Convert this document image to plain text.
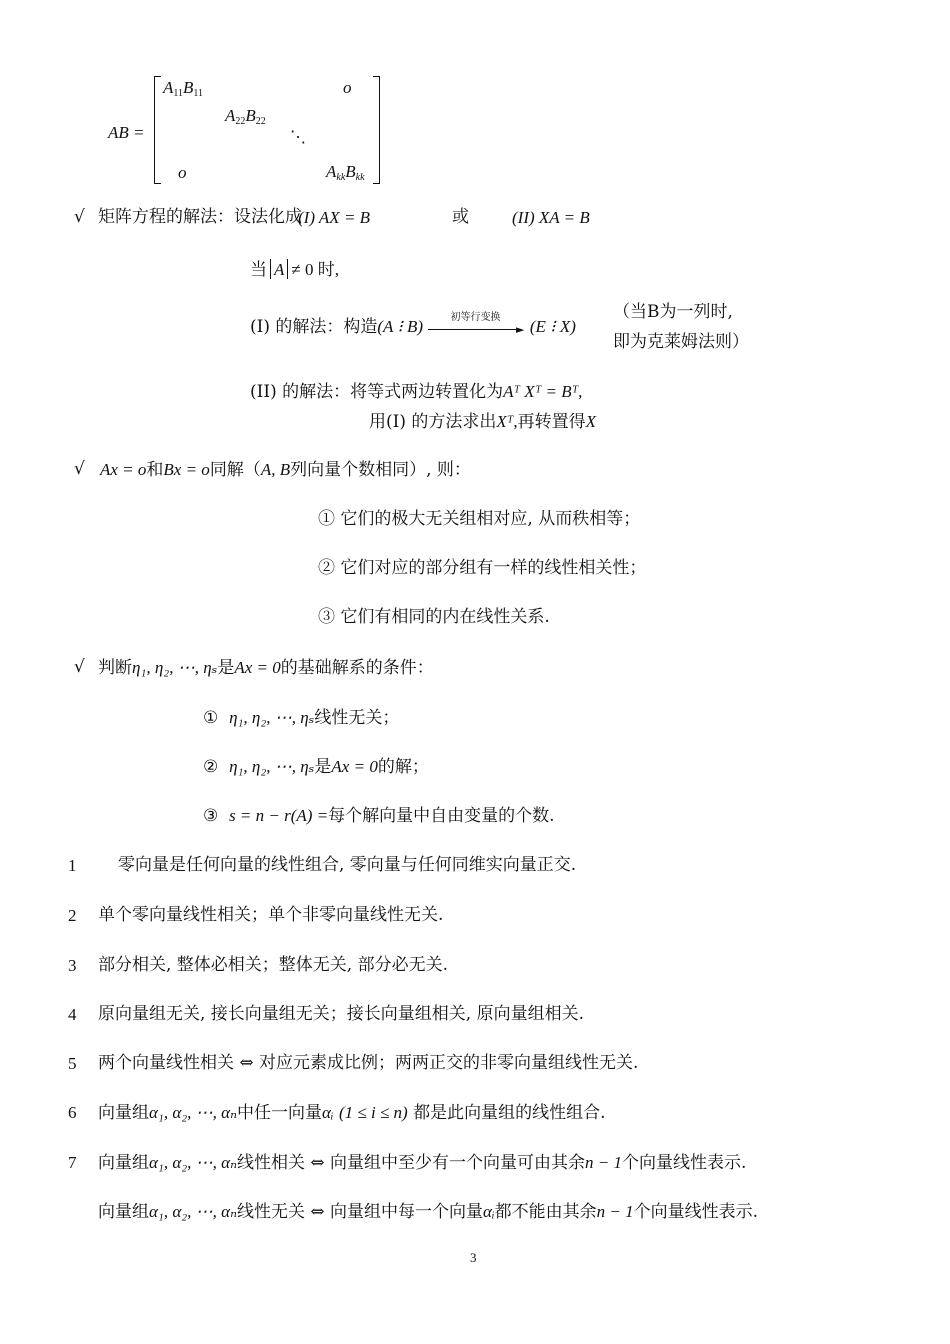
AB =
$A_{11}B_{11}$	o
$A_{22}B_{22}$
⋱
o	$A_{kk}B_{kk}$
√ 矩阵方程的解法：设法化成
(I) AX = B	或	(II) XA = B
当 A ≠ 0 时,
(I) 的解法：构造(A ⁝ B)	初等行变换
► (E ⁝ X)
（当B为一列时,
即为克莱姆法则）
(II) 的解法：将等式两边转置化为Aᵀ Xᵀ = Bᵀ,
用(I) 的方法求出Xᵀ,再转置得X
√ Ax = o和Bx = o同解（A, B列向量个数相同）, 则：
① 它们的极大无关组相对应, 从而秩相等；
② 它们对应的部分组有一样的线性相关性；
③ 它们有相同的内在线性关系.
√ 判断η₁, η₂, ⋯, ηₛ是Ax = 0的基础解系的条件：
① η₁, η₂, ⋯, ηₛ线性无关；
② η₁, η₂, ⋯, ηₛ是Ax = 0的解；
③ s = n − r(A) =每个解向量中自由变量的个数.
1 零向量是任何向量的线性组合, 零向量与任何同维实向量正交.
2 单个零向量线性相关；单个非零向量线性无关.
3 部分相关, 整体必相关；整体无关, 部分必无关.
4 原向量组无关, 接长向量组无关；接长向量组相关, 原向量组相关.
5 两个向量线性相关 ⇔ 对应元素成比例；两两正交的非零向量组线性无关.
6 向量组α₁, α₂, ⋯, αₙ中任一向量αᵢ (1 ≤ i ≤ n) 都是此向量组的线性组合.
7 向量组α₁, α₂, ⋯, αₙ线性相关 ⇔ 向量组中至少有一个向量可由其余n − 1个向量线性表示.
向量组α₁, α₂, ⋯, αₙ线性无关 ⇔ 向量组中每一个向量αᵢ都不能由其余n − 1个向量线性表示.
3
